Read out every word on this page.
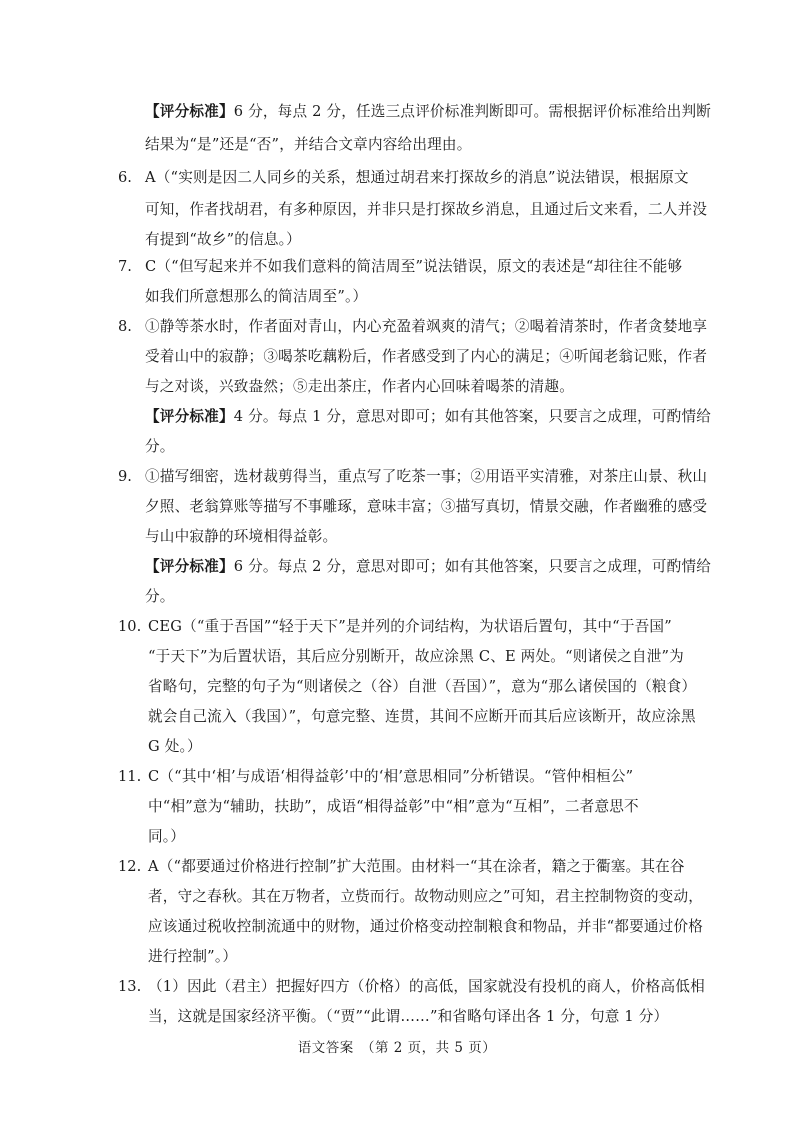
【评分标准】6 分，每点 2 分，任选三点评价标准判断即可。需根据评价标准给出判断
结果为“是”还是“否”，并结合文章内容给出理由。
6. A（“实则是因二人同乡的关系，想通过胡君来打探故乡的消息”说法错误，根据原文
可知，作者找胡君，有多种原因，并非只是打探故乡消息，且通过后文来看，二人并没
有提到“故乡”的信息。）
7. C（“但写起来并不如我们意料的简洁周至”说法错误，原文的表述是“却往往不能够
如我们所意想那么的简洁周至”。）
8. ①静等茶水时，作者面对青山，内心充盈着飒爽的清气；②喝着清茶时，作者贪婪地享
受着山中的寂静；③喝茶吃藕粉后，作者感受到了内心的满足；④听闻老翁记账，作者
与之对谈，兴致盎然；⑤走出茶庄，作者内心回味着喝茶的清趣。
【评分标准】4 分。每点 1 分，意思对即可；如有其他答案，只要言之成理，可酌情给
分。
9. ①描写细密，选材裁剪得当，重点写了吃茶一事；②用语平实清雅，对茶庄山景、秋山
夕照、老翁算账等描写不事雕琢，意味丰富；③描写真切，情景交融，作者幽雅的感受
与山中寂静的环境相得益彰。
【评分标准】6 分。每点 2 分，意思对即可；如有其他答案，只要言之成理，可酌情给
分。
10. CEG（“重于吾国”“轻于天下”是并列的介词结构，为状语后置句，其中“于吾国”
“于天下”为后置状语，其后应分别断开，故应涂黑 C、E 两处。“则诸侯之自泄”为
省略句，完整的句子为“则诸侯之（谷）自泄（吾国）”，意为“那么诸侯国的（粮食）
就会自己流入（我国）”，句意完整、连贯，其间不应断开而其后应该断开，故应涂黑
G 处。）
11. C（“其中‘相’与成语‘相得益彰’中的‘相’意思相同”分析错误。“管仲相桓公”
中“相”意为“辅助，扶助”，成语“相得益彰”中“相”意为“互相”，二者意思不
同。）
12. A（“都要通过价格进行控制”扩大范围。由材料一“其在涂者，籍之于衢塞。其在谷
者，守之春秋。其在万物者，立赀而行。故物动则应之”可知，君主控制物资的变动，
应该通过税收控制流通中的财物，通过价格变动控制粮食和物品，并非“都要通过价格
进行控制”。）
13. （1）因此（君主）把握好四方（价格）的高低，国家就没有投机的商人，价格高低相
当，这就是国家经济平衡。（“贾”“此谓……”和省略句译出各 1 分，句意 1 分）
语文答案　（第 2 页，共 5 页）
